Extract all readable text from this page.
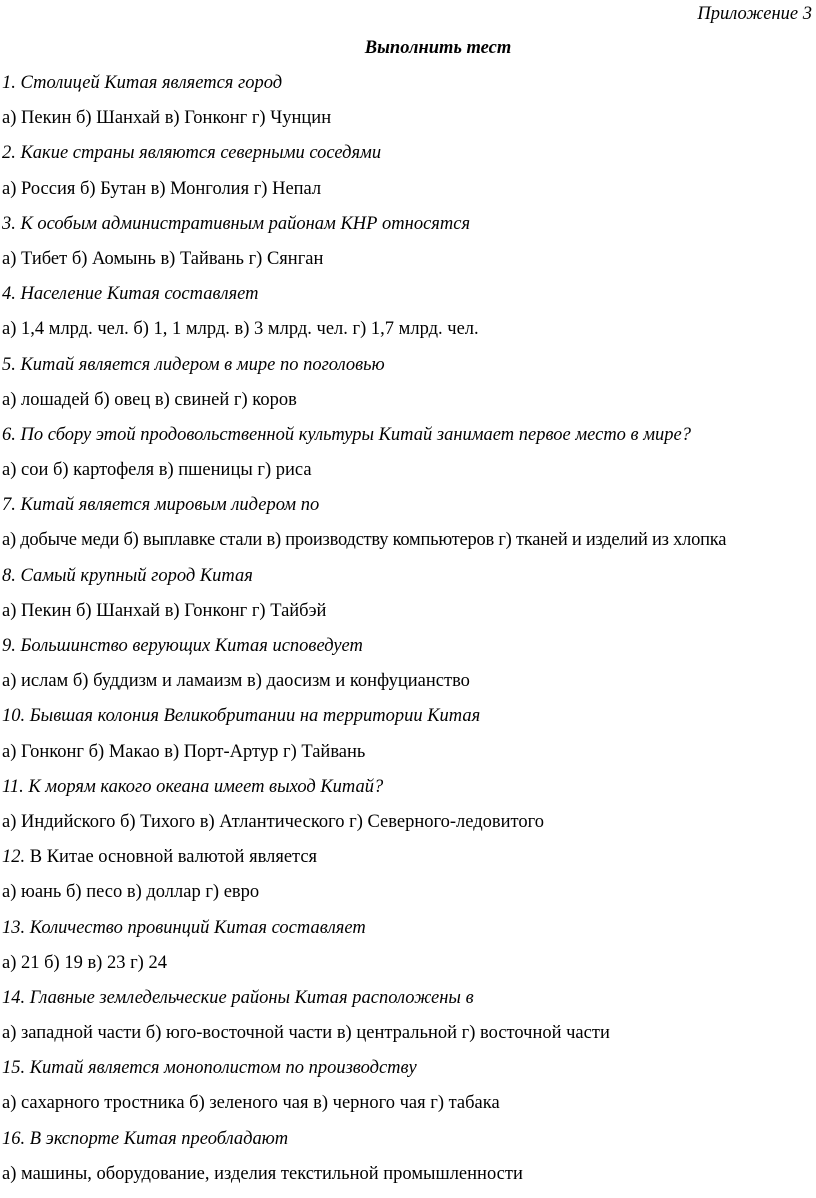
Приложение 3
Выполнить тест
1. Столицей Китая является город
а) Пекин б) Шанхай в) Гонконг г) Чунцин
2. Какие страны являются северными соседями
а) Россия б) Бутан в) Монголия г) Непал
3. К особым административным районам КНР относятся
а) Тибет б) Аомынь в) Тайвань г) Сянган
4. Население Китая составляет
а) 1,4 млрд. чел. б) 1, 1 млрд. в) 3 млрд. чел. г) 1,7 млрд. чел.
5. Китай является лидером в мире по поголовью
а) лошадей б) овец в) свиней г) коров
6. По сбору этой продовольственной культуры Китай занимает первое место в мире?
а) сои б) картофеля в) пшеницы г) риса
7. Китай является мировым лидером по
а) добыче меди б) выплавке стали в) производству компьютеров г) тканей и изделий из хлопка
8. Самый крупный город Китая
а) Пекин б) Шанхай в) Гонконг г) Тайбэй
9. Большинство верующих Китая исповедует
а) ислам б) буддизм и ламаизм в) даосизм и конфуцианство
10. Бывшая колония Великобритании на территории Китая
а) Гонконг б) Макао в) Порт-Артур г) Тайвань
11. К морям какого океана имеет выход Китай?
а) Индийского б) Тихого в) Атлантического г) Северного-ледовитого
12. В Китае основной валютой является
а) юань б) песо в) доллар г) евро
13. Количество провинций Китая составляет
а) 21 б) 19 в) 23 г) 24
14. Главные земледельческие районы Китая расположены в
а) западной части б) юго-восточной части в) центральной г) восточной части
15. Китай является монополистом по производству
а) сахарного тростника б) зеленого чая в) черного чая г) табака
16. В экспорте Китая преобладают
а) машины, оборудование, изделия текстильной промышленности
